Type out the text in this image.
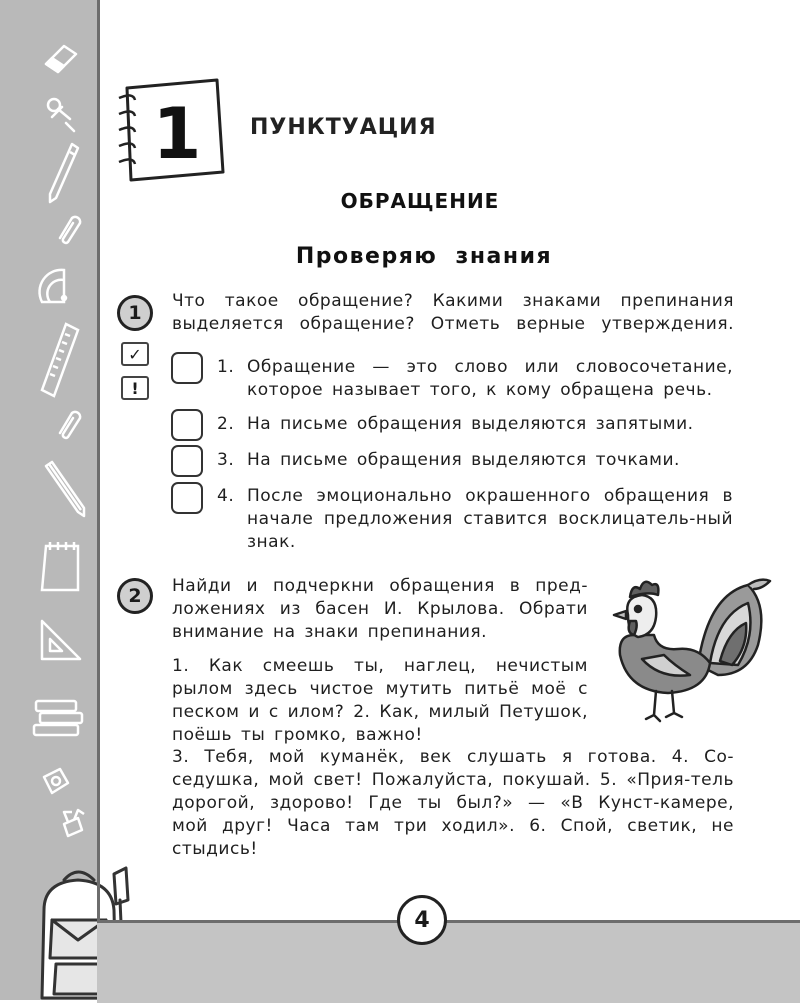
4
1 ПУНКТУАЦИЯ
ОБРАЩЕНИЕ
Проверяю  знания
1
✓
!
Что такое обращение? Какими знаками препинания выделяется обращение? Отметь верные утверждения.
1. Обращение — это слово или словосочетание, которое называет того, к кому обращена речь.
2. На письме обращения выделяются запятыми.
3. На письме обращения выделяются точками.
4. После эмоционально окрашенного обращения в начале предложения ставится восклицатель-ный знак.
2	Найди и подчеркни обращения в пред-ложениях из басен И. Крылова. Обрати внимание на знаки препинания.
1. Как смеешь ты, наглец, нечистым рылом здесь чистое мутить питьё моё с песком и с илом? 2. Как, милый Петушок, поёшь ты громко, важно!
3. Тебя, мой куманёк, век слушать я готова. 4. Со-седушка, мой свет! Пожалуйста, покушай. 5. «Прия-тель дорогой, здорово! Где ты был?» — «В Кунст-камере, мой друг! Часа там три ходил». 6. Спой, светик, не стыдись!
